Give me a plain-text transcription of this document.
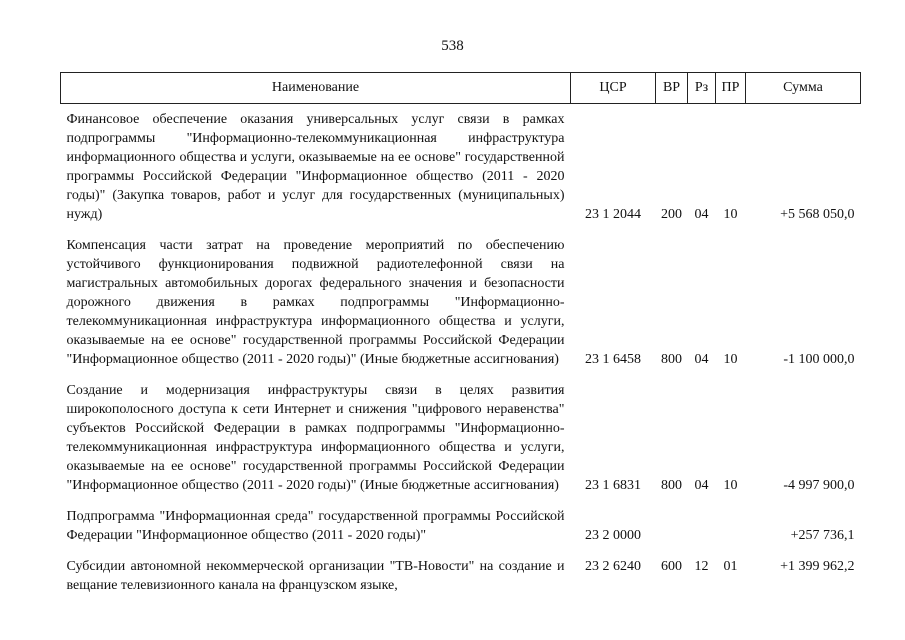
538
Наименование	ЦСР	ВР	Рз	ПР	Сумма
Финансовое обеспечение оказания универсальных услуг связи в рамках подпрограммы "Информационно-телекоммуникационная инфраструктура информационного общества и услуги, оказываемые на ее основе" государственной программы Российской Федерации "Информационное общество (2011 - 2020 годы)" (Закупка товаров, работ и услуг для государственных (муниципальных) нужд)	23 1 2044	200	04	10	+5 568 050,0

Компенсация части затрат на проведение мероприятий по обеспечению устойчивого функционирования подвижной радиотелефонной связи на магистральных автомобильных дорогах федерального значения и безопасности дорожного движения в рамках подпрограммы "Информационно-телекоммуникационная инфраструктура информационного общества и услуги, оказываемые на ее основе" государственной программы Российской Федерации "Информационное общество (2011 - 2020 годы)" (Иные бюджетные ассигнования)	23 1 6458	800	04	10	-1 100 000,0

Создание и модернизация инфраструктуры связи в целях развития широкополосного доступа к сети Интернет и снижения "цифрового неравенства" субъектов Российской Федерации в рамках подпрограммы "Информационно-телекоммуникационная инфраструктура информационного общества и услуги, оказываемые на ее основе" государственной программы Российской Федерации "Информационное общество (2011 - 2020 годы)" (Иные бюджетные ассигнования)	23 1 6831	800	04	10	-4 997 900,0

Подпрограмма "Информационная среда" государственной программы Российской Федерации "Информационное общество (2011 - 2020 годы)"	23 2 0000				+257 736,1

Субсидии автономной некоммерческой организации "ТВ-Новости" на создание и вещание телевизионного канала на французском языке,	23 2 6240	600	12	01	+1 399 962,2
